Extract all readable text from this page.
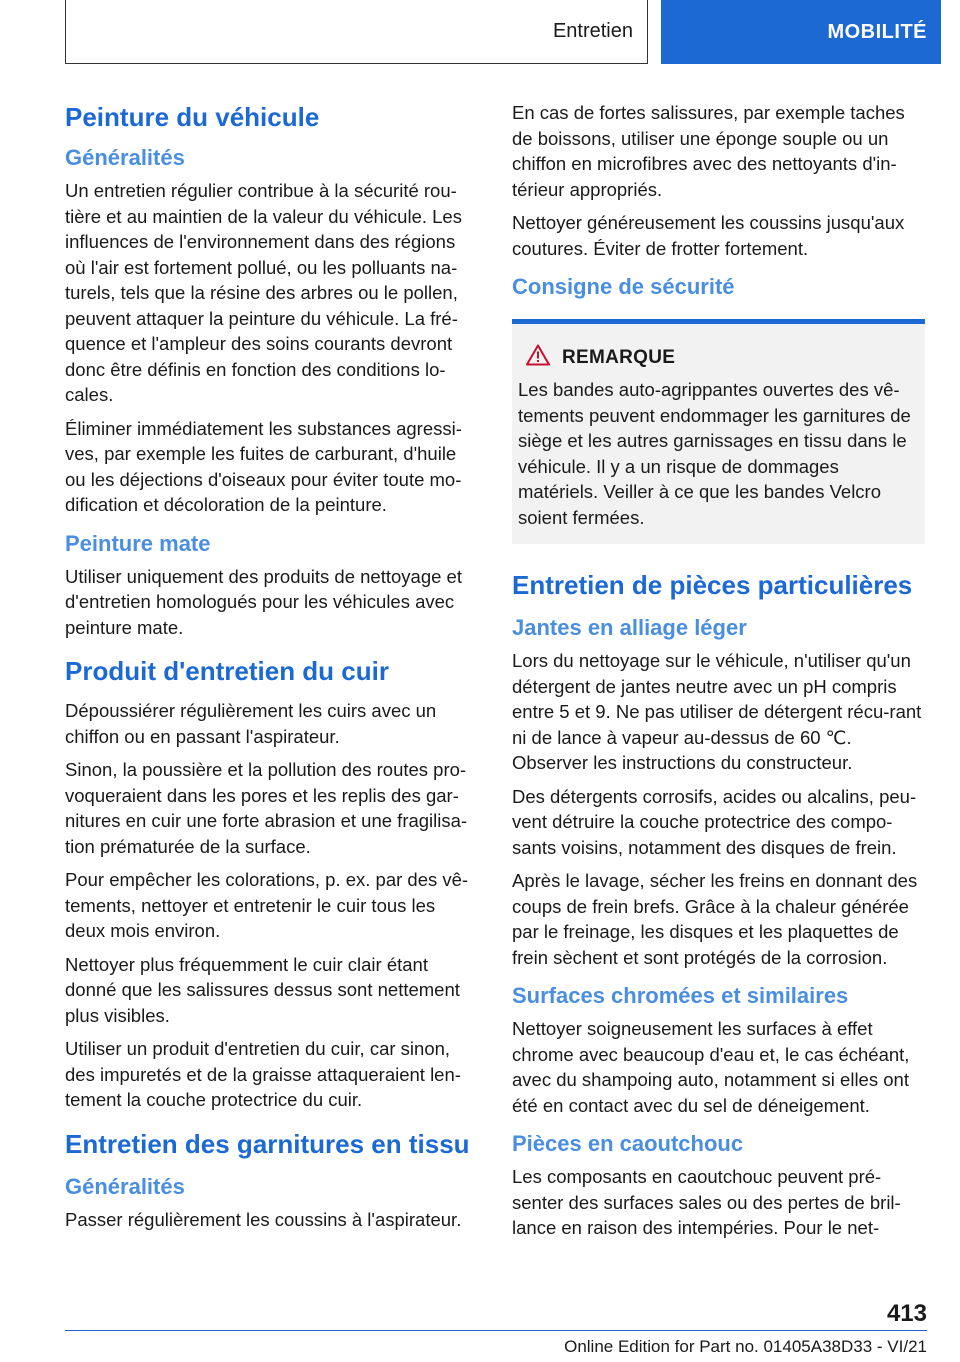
Entretien	MOBILITÉ
Peinture du véhicule
Généralités

Un entretien régulier contribue à la sécurité rou-tière et au maintien de la valeur du véhicule. Les influences de l'environnement dans des régions où l'air est fortement pollué, ou les polluants na-turels, tels que la résine des arbres ou le pollen, peuvent attaquer la peinture du véhicule. La fré-quence et l'ampleur des soins courants devront donc être définis en fonction des conditions lo-cales.

Éliminer immédiatement les substances agressi-ves, par exemple les fuites de carburant, d'huile ou les déjections d'oiseaux pour éviter toute mo-dification et décoloration de la peinture.

Peinture mate

Utiliser uniquement des produits de nettoyage et d'entretien homologués pour les véhicules avec peinture mate.

Produit d'entretien du cuir

Dépoussiérer régulièrement les cuirs avec un chiffon ou en passant l'aspirateur.

Sinon, la poussière et la pollution des routes pro-voqueraient dans les pores et les replis des gar-nitures en cuir une forte abrasion et une fragilisa-tion prématurée de la surface.

Pour empêcher les colorations, p. ex. par des vê-tements, nettoyer et entretenir le cuir tous les deux mois environ.

Nettoyer plus fréquemment le cuir clair étant donné que les salissures dessus sont nettement plus visibles.

Utiliser un produit d'entretien du cuir, car sinon, des impuretés et de la graisse attaqueraient len-tement la couche protectrice du cuir.

Entretien des garnitures en tissu
Généralités

Passer régulièrement les coussins à l'aspirateur.

En cas de fortes salissures, par exemple taches de boissons, utiliser une éponge souple ou un chiffon en microfibres avec des nettoyants d'in-térieur appropriés.

Nettoyer généreusement les coussins jusqu'aux coutures. Éviter de frotter fortement.

Consigne de sécurité
REMARQUE

Les bandes auto-agrippantes ouvertes des vê-tements peuvent endommager les garnitures de siège et les autres garnissages en tissu dans le véhicule. Il y a un risque de dommages matériels. Veiller à ce que les bandes Velcro soient fermées.

Entretien de pièces particulières
Jantes en alliage léger

Lors du nettoyage sur le véhicule, n'utiliser qu'un détergent de jantes neutre avec un pH compris entre 5 et 9. Ne pas utiliser de détergent récu-rant ni de lance à vapeur au-dessus de 60 ℃. Observer les instructions du constructeur.

Des détergents corrosifs, acides ou alcalins, peu-vent détruire la couche protectrice des compo-sants voisins, notamment des disques de frein.

Après le lavage, sécher les freins en donnant des coups de frein brefs. Grâce à la chaleur générée par le freinage, les disques et les plaquettes de frein sèchent et sont protégés de la corrosion.

Surfaces chromées et similaires

Nettoyer soigneusement les surfaces à effet chrome avec beaucoup d'eau et, le cas échéant, avec du shampoing auto, notamment si elles ont été en contact avec du sel de déneigement.

Pièces en caoutchouc

Les composants en caoutchouc peuvent pré-senter des surfaces sales ou des pertes de bril-lance en raison des intempéries. Pour le net-

413
Online Edition for Part no. 01405A38D33 - VI/21
